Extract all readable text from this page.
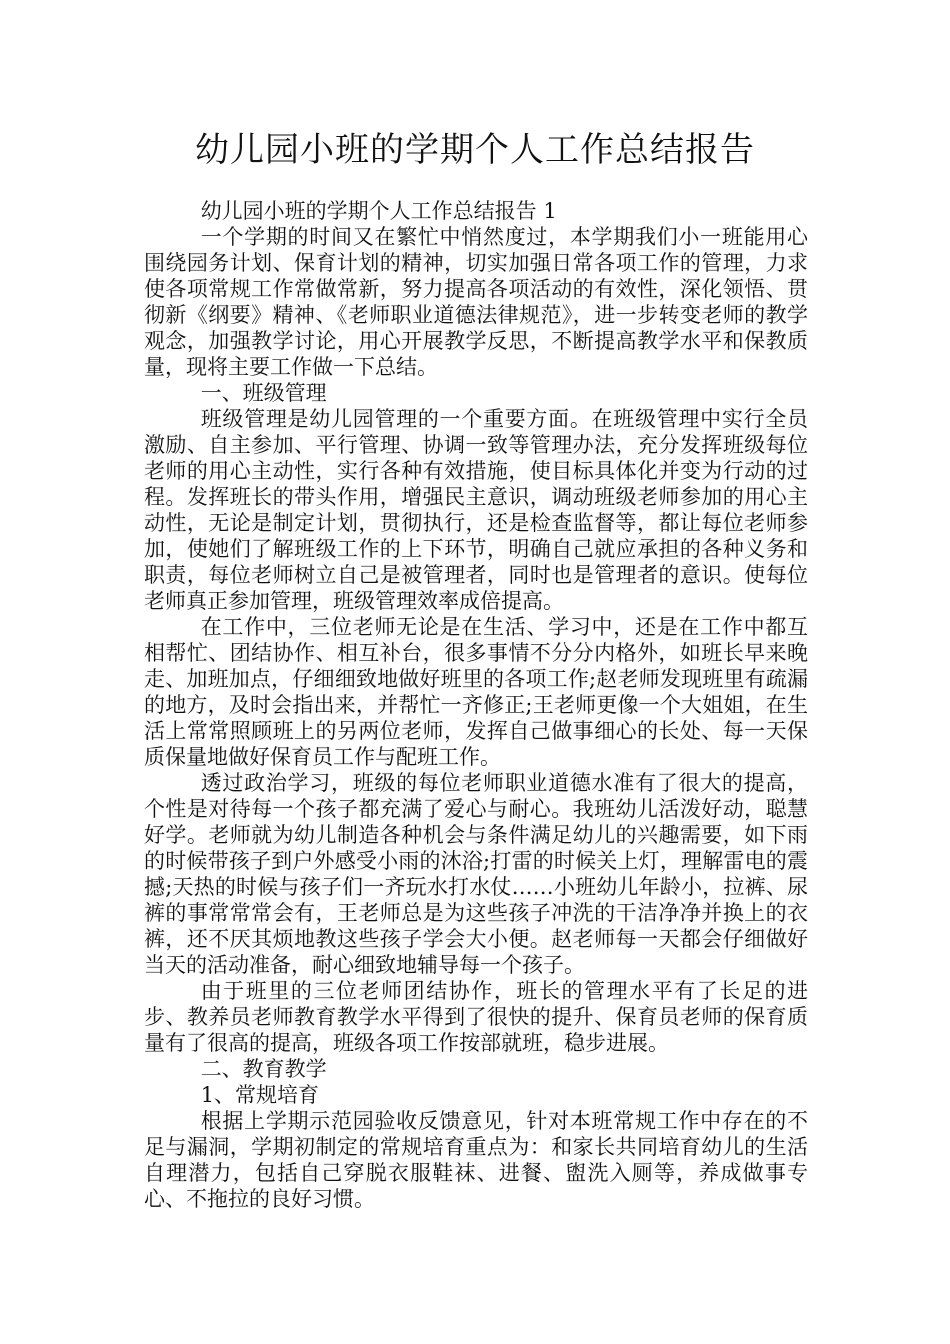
幼儿园小班的学期个人工作总结报告

幼儿园小班的学期个人工作总结报告 1

一个学期的时间又在繁忙中悄然度过，本学期我们小一班能用心围绕园务计划、保育计划的精神，切实加强日常各项工作的管理，力求使各项常规工作常做常新，努力提高各项活动的有效性，深化领悟、贯彻新《纲要》精神、《老师职业道德法律规范》，进一步转变老师的教学观念，加强教学讨论，用心开展教学反思，不断提高教学水平和保教质量，现将主要工作做一下总结。

一、班级管理

班级管理是幼儿园管理的一个重要方面。在班级管理中实行全员激励、自主参加、平行管理、协调一致等管理办法，充分发挥班级每位老师的用心主动性，实行各种有效措施，使目标具体化并变为行动的过程。发挥班长的带头作用，增强民主意识，调动班级老师参加的用心主动性，无论是制定计划，贯彻执行，还是检查监督等，都让每位老师参加，使她们了解班级工作的上下环节，明确自己就应承担的各种义务和职责，每位老师树立自己是被管理者，同时也是管理者的意识。使每位老师真正参加管理，班级管理效率成倍提高。

在工作中，三位老师无论是在生活、学习中，还是在工作中都互相帮忙、团结协作、相互补台，很多事情不分分内格外，如班长早来晚走、加班加点，仔细细致地做好班里的各项工作;赵老师发现班里有疏漏的地方，及时会指出来，并帮忙一齐修正;王老师更像一个大姐姐，在生活上常常照顾班上的另两位老师，发挥自己做事细心的长处、每一天保质保量地做好保育员工作与配班工作。

透过政治学习，班级的每位老师职业道德水准有了很大的提高，个性是对待每一个孩子都充满了爱心与耐心。我班幼儿活泼好动，聪慧好学。老师就为幼儿制造各种机会与条件满足幼儿的兴趣需要，如下雨的时候带孩子到户外感受小雨的沐浴;打雷的时候关上灯，理解雷电的震撼;天热的时候与孩子们一齐玩水打水仗……小班幼儿年龄小，拉裤、尿裤的事常常常会有，王老师总是为这些孩子冲洗的干洁净净并换上的衣裤，还不厌其烦地教这些孩子学会大小便。赵老师每一天都会仔细做好当天的活动准备，耐心细致地辅导每一个孩子。

由于班里的三位老师团结协作，班长的管理水平有了长足的进步、教养员老师教育教学水平得到了很快的提升、保育员老师的保育质量有了很高的提高，班级各项工作按部就班，稳步进展。

二、教育教学

1、常规培育

根据上学期示范园验收反馈意见，针对本班常规工作中存在的不足与漏洞，学期初制定的常规培育重点为：和家长共同培育幼儿的生活自理潜力，包括自己穿脱衣服鞋袜、进餐、盥洗入厕等，养成做事专心、不拖拉的良好习惯。
